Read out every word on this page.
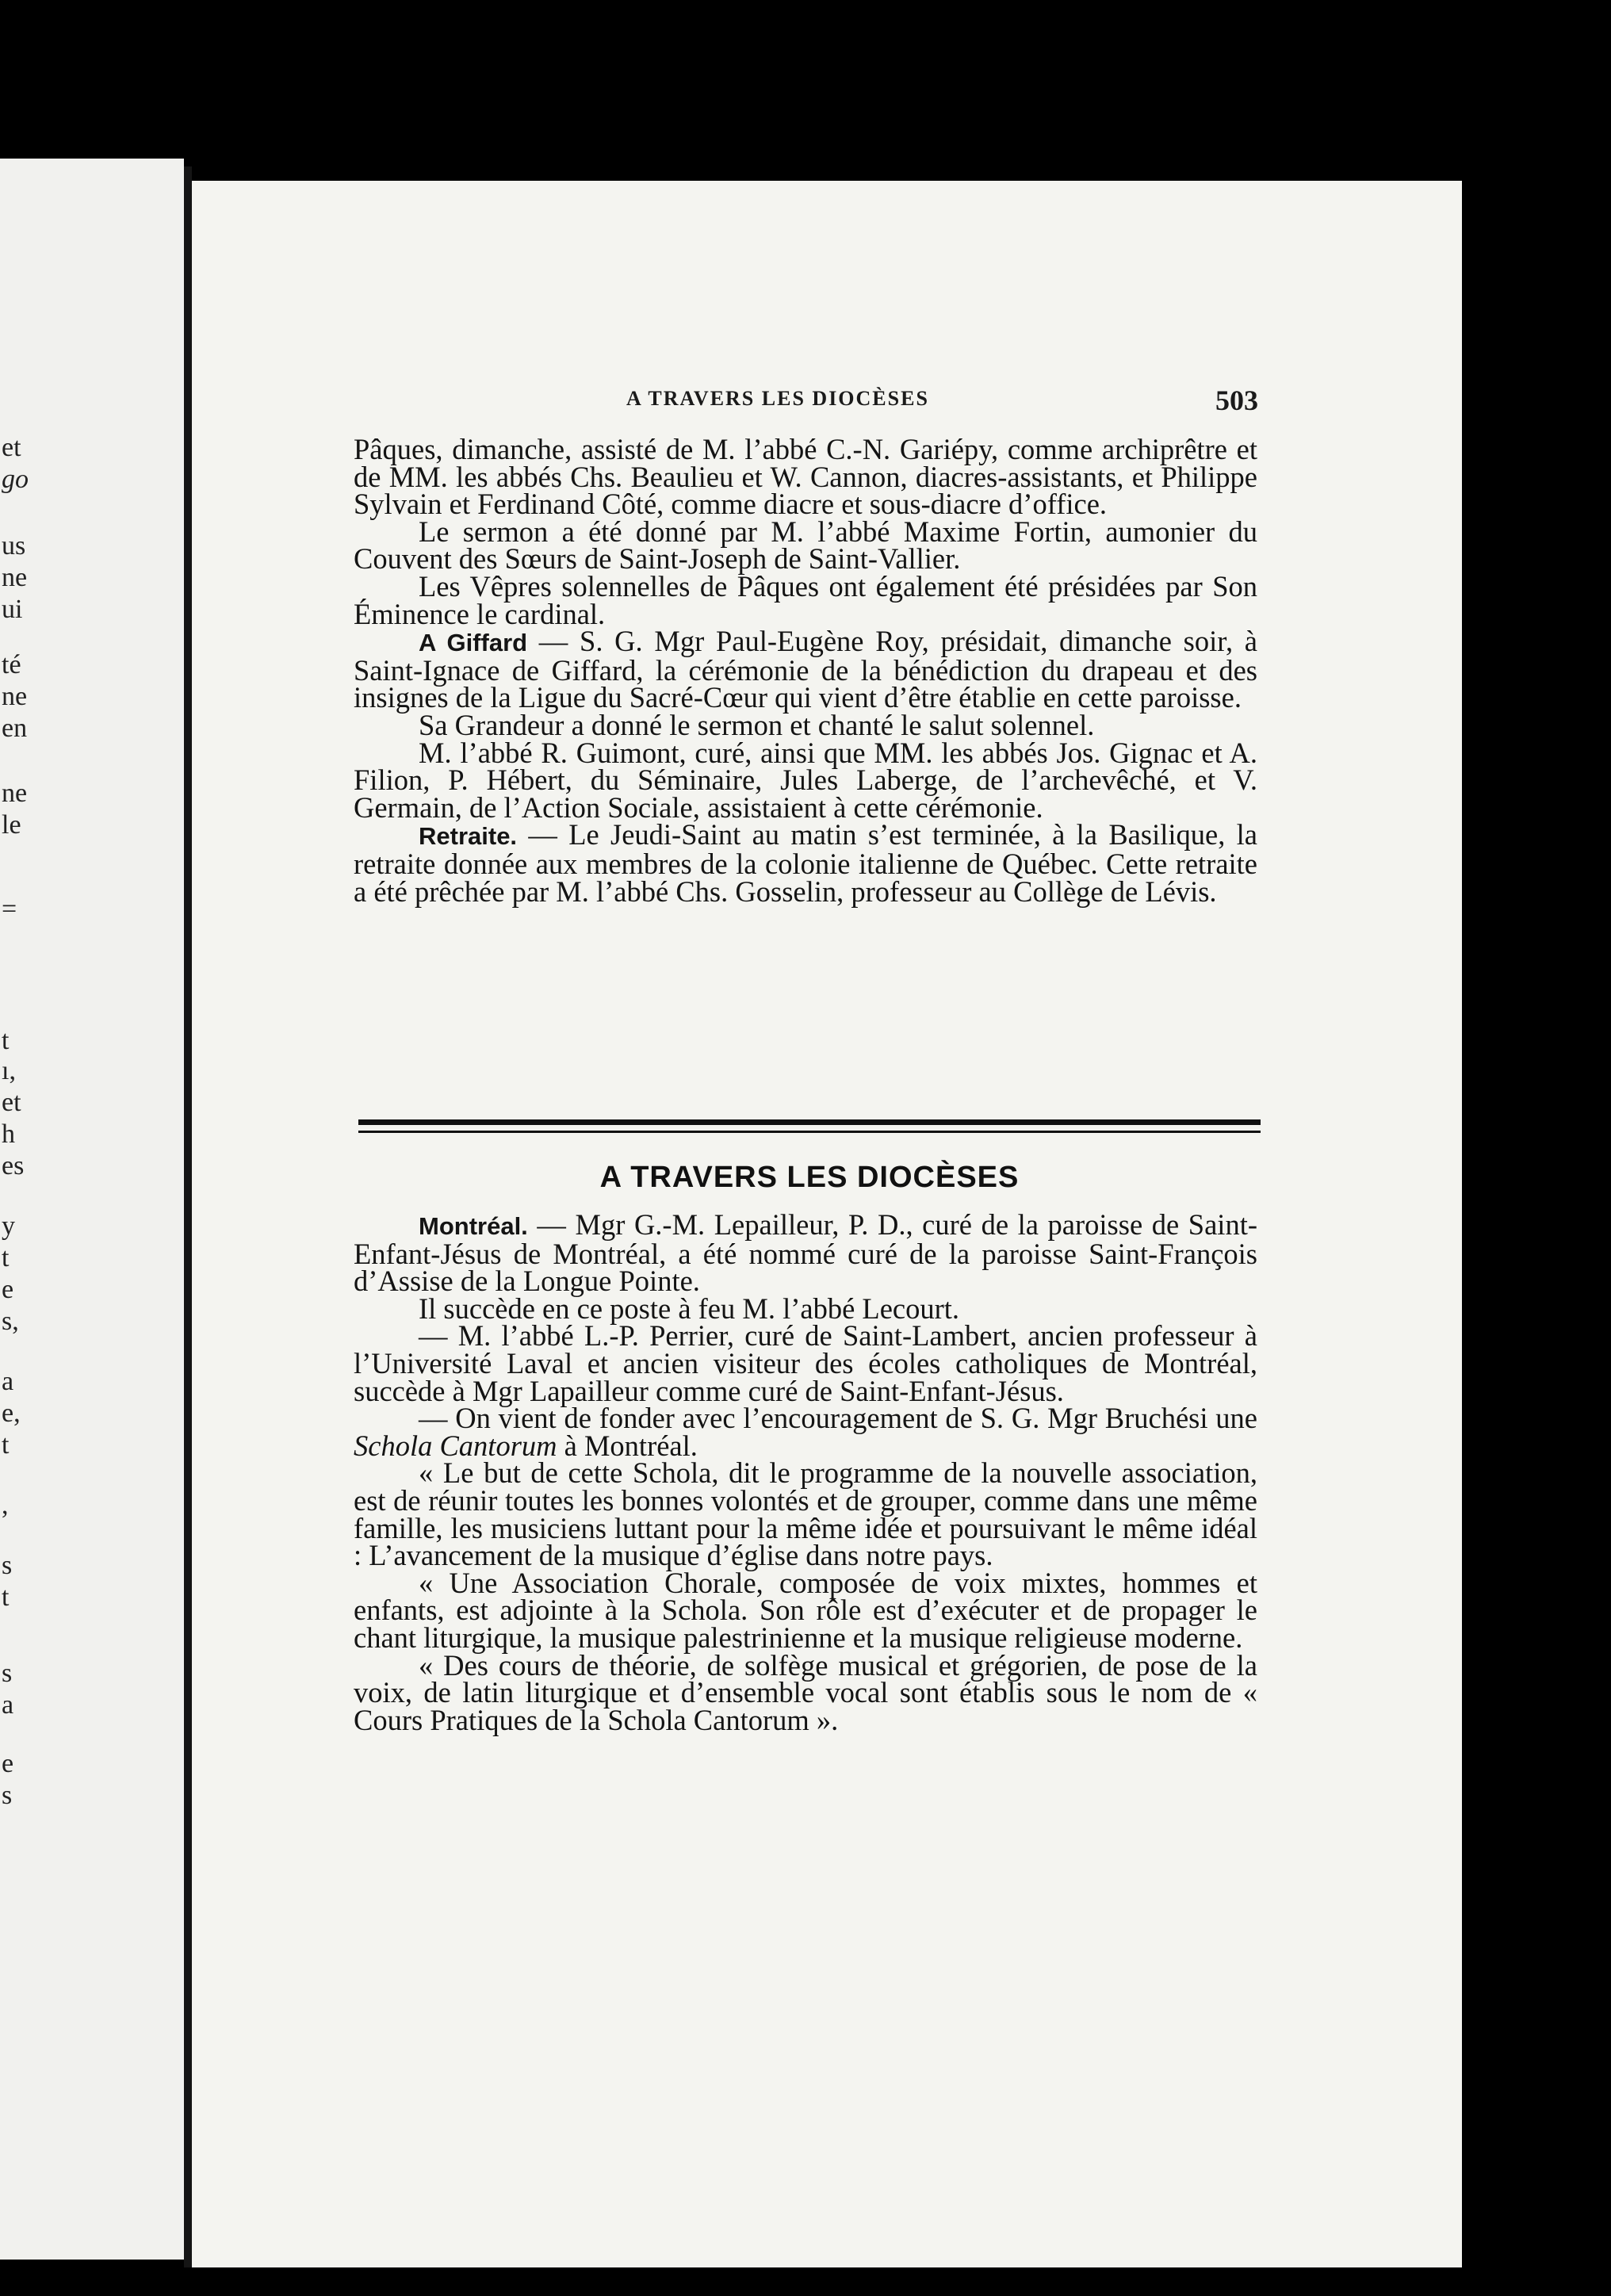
et
go
us
ne
ui
té
ne
en
ne
le
=
t
ı,
et
h
es
y
t
e
s,
a
e,
t
,
s
t
s
a
e
s
A TRAVERS LES DIOCÈSES	503

Pâques, dimanche, assisté de M. l’abbé C.-N. Gariépy, comme archiprêtre et de MM. les abbés Chs. Beaulieu et W. Cannon, diacres-assistants, et Philippe Sylvain et Ferdinand Côté, comme diacre et sous-diacre d’office.

Le sermon a été donné par M. l’abbé Maxime Fortin, aumonier du Couvent des Sœurs de Saint-Joseph de Saint-Vallier.

Les Vêpres solennelles de Pâques ont également été présidées par Son Éminence le cardinal.

A Giffard — S. G. Mgr Paul-Eugène Roy, présidait, dimanche soir, à Saint-Ignace de Giffard, la cérémonie de la bénédiction du drapeau et des insignes de la Ligue du Sacré-Cœur qui vient d’être établie en cette paroisse.

Sa Grandeur a donné le sermon et chanté le salut solennel.

M. l’abbé R. Guimont, curé, ainsi que MM. les abbés Jos. Gignac et A. Filion, P. Hébert, du Séminaire, Jules Laberge, de l’archevêché, et V. Germain, de l’Action Sociale, assistaient à cette cérémonie.

Retraite. — Le Jeudi-Saint au matin s’est terminée, à la Basilique, la retraite donnée aux membres de la colonie italienne de Québec. Cette retraite a été prêchée par M. l’abbé Chs. Gosselin, professeur au Collège de Lévis.

A TRAVERS LES DIOCÈSES

Montréal. — Mgr G.-M. Lepailleur, P. D., curé de la paroisse de Saint-Enfant-Jésus de Montréal, a été nommé curé de la paroisse Saint-François d’Assise de la Longue Pointe.

Il succède en ce poste à feu M. l’abbé Lecourt.

— M. l’abbé L.-P. Perrier, curé de Saint-Lambert, ancien professeur à l’Université Laval et ancien visiteur des écoles catholiques de Montréal, succède à Mgr Lapailleur comme curé de Saint-Enfant-Jésus.

— On vient de fonder avec l’encouragement de S. G. Mgr Bruchési une Schola Cantorum à Montréal.

« Le but de cette Schola, dit le programme de la nouvelle association, est de réunir toutes les bonnes volontés et de grouper, comme dans une même famille, les musiciens luttant pour la même idée et poursuivant le même idéal : L’avancement de la musique d’église dans notre pays.

« Une Association Chorale, composée de voix mixtes, hommes et enfants, est adjointe à la Schola. Son rôle est d’exécuter et de propager le chant liturgique, la musique palestrinienne et la musique religieuse moderne.

« Des cours de théorie, de solfège musical et grégorien, de pose de la voix, de latin liturgique et d’ensemble vocal sont établis sous le nom de « Cours Pratiques de la Schola Cantorum ».
